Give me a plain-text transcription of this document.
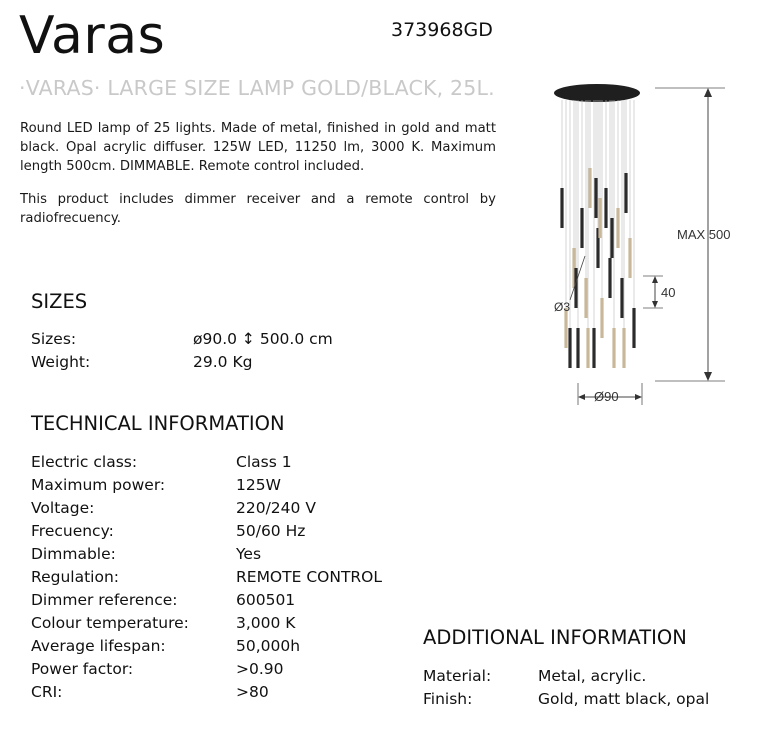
Varas	373968GD
·VARAS· LARGE SIZE LAMP GOLD/BLACK, 25L.
Round LED lamp of 25 lights. Made of metal, finished in gold and matt black. Opal acrylic diffuser. 125W LED, 11250 lm, 3000 K. Maximum length 500cm. DIMMABLE. Remote control included.
This product includes dimmer receiver and a remote control by radiofrecuency.
SIZES
Sizes:	ø90.0 ↕ 500.0 cm
Weight:	29.0 Kg
TECHNICAL INFORMATION
Electric class:	Class 1
Maximum power:	125W
Voltage:	220/240 V
Frecuency:	50/60 Hz
Dimmable:	Yes
Regulation:	REMOTE CONTROL
Dimmer reference:	600501
Colour temperature:	3,000 K
Average lifespan:	50,000h
Power factor:	>0.90
CRI:	>80
ADDITIONAL INFORMATION
Material:	Metal, acrylic.
Finish:	Gold, matt black, opal
MAX 500
40
Ø3
Ø90
